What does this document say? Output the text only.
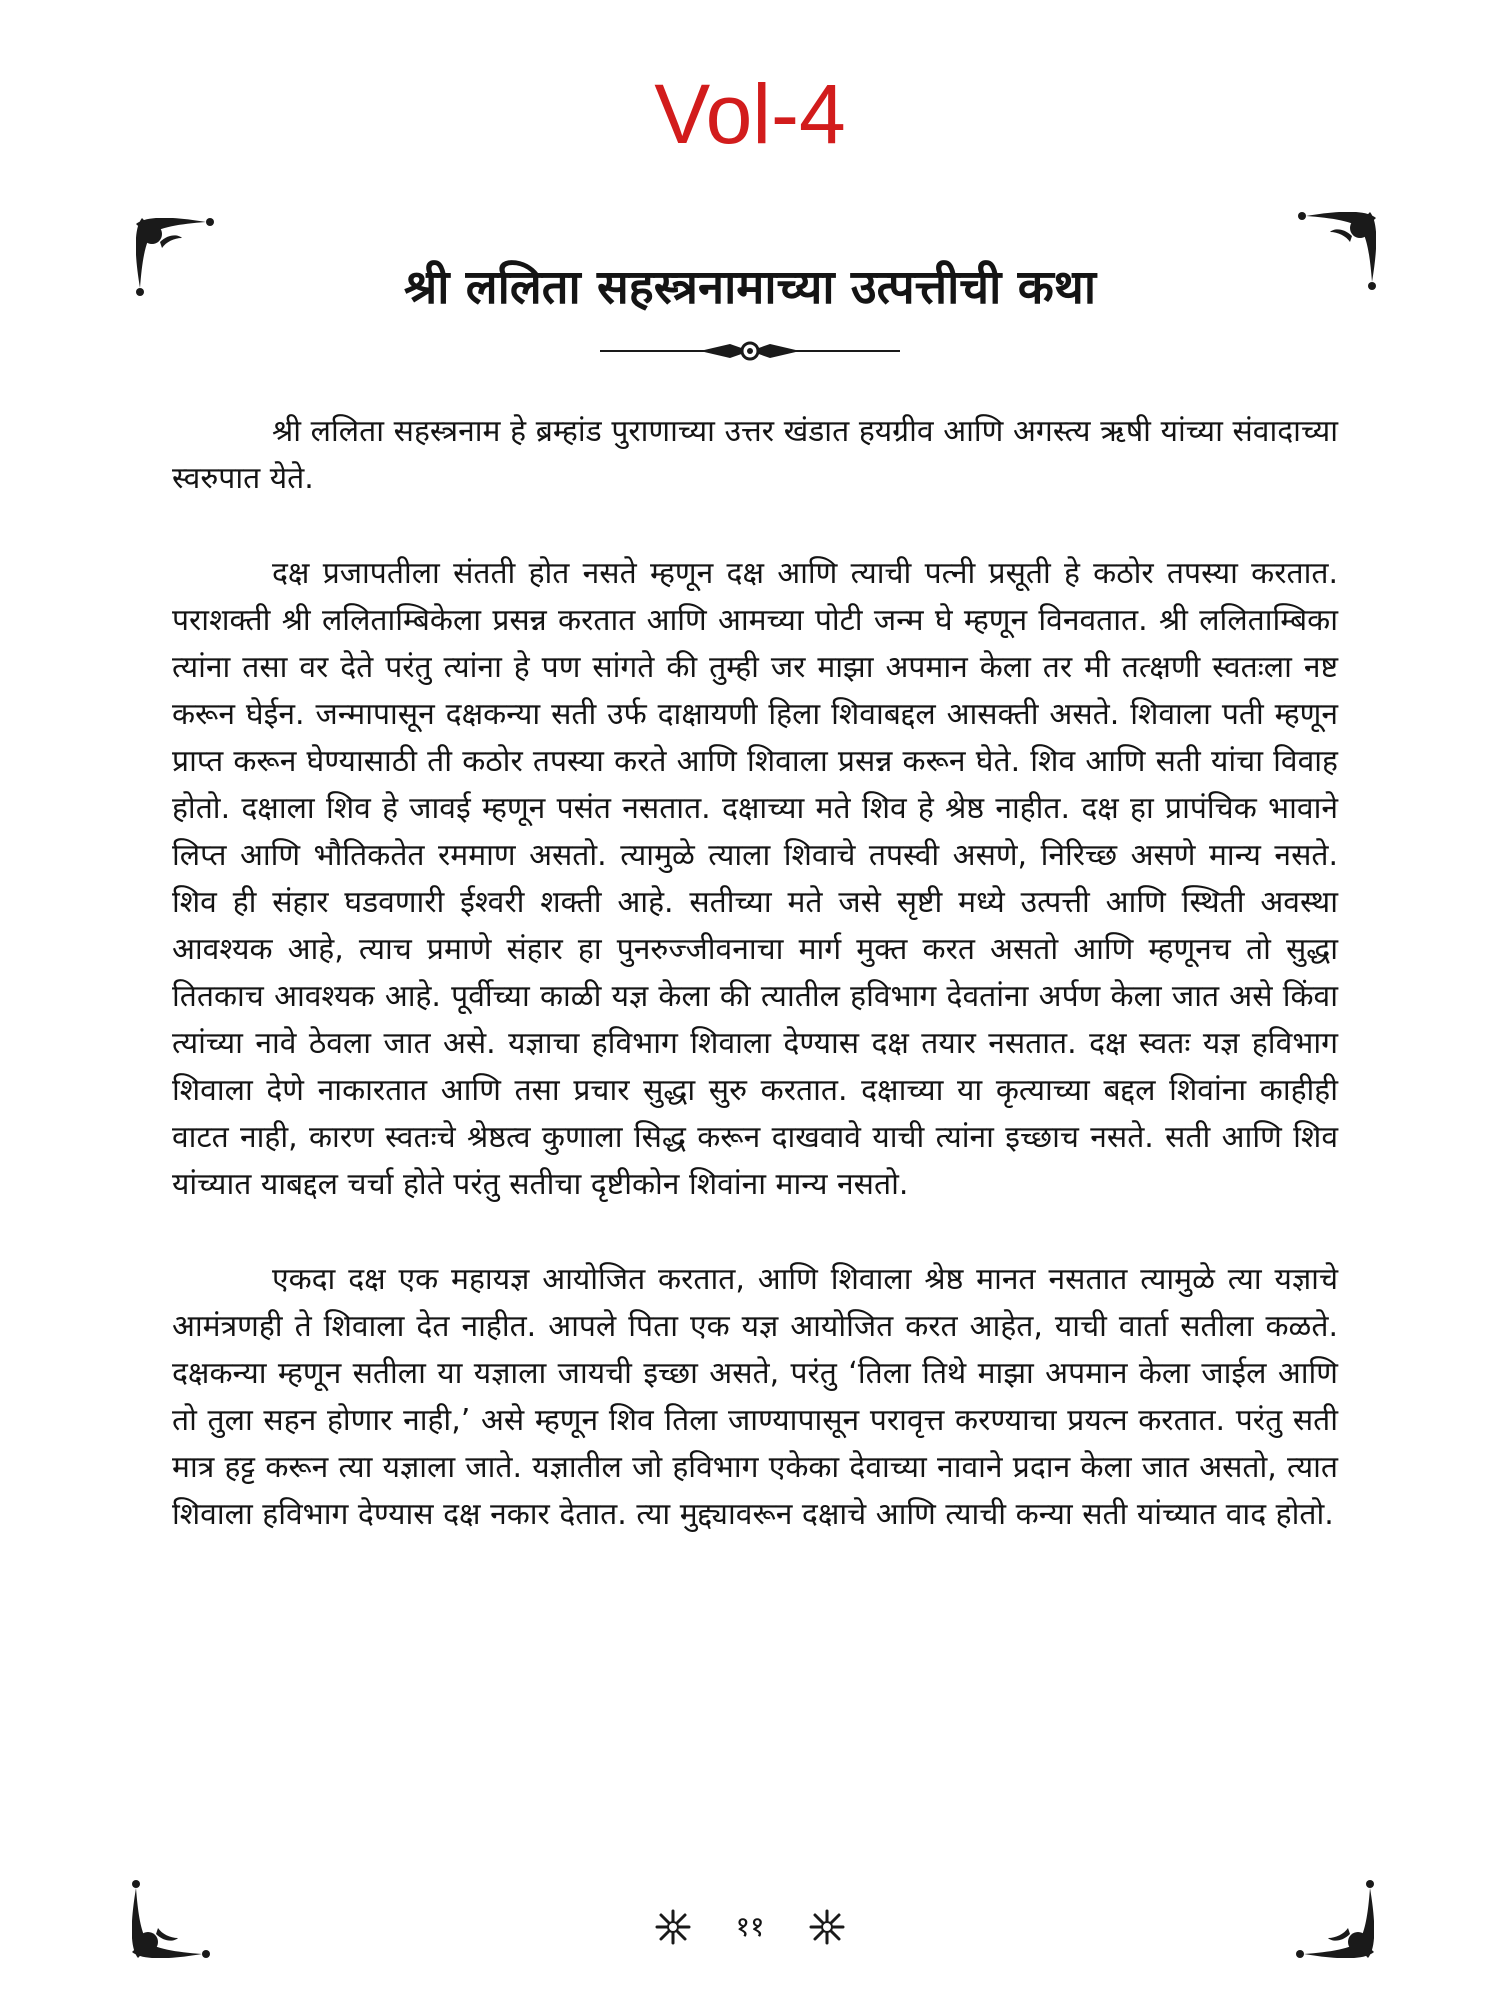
Vol-4
श्री ललिता सहस्त्रनामाच्या उत्पत्तीची कथा

श्री ललिता सहस्त्रनाम हे ब्रम्हांड पुराणाच्या उत्तर खंडात हयग्रीव आणि अगस्त्य ऋषी यांच्या संवादाच्या स्वरुपात येते.

दक्ष प्रजापतीला संतती होत नसते म्हणून दक्ष आणि त्याची पत्नी प्रसूती हे कठोर तपस्या करतात. पराशक्ती श्री ललिताम्बिकेला प्रसन्न करतात आणि आमच्या पोटी जन्म घे म्हणून विनवतात. श्री ललिताम्बिका त्यांना तसा वर देते परंतु त्यांना हे पण सांगते की तुम्ही जर माझा अपमान केला तर मी तत्क्षणी स्वतःला नष्ट करून घेईन. जन्मापासून दक्षकन्या सती उर्फ दाक्षायणी हिला शिवाबद्दल आसक्ती असते. शिवाला पती म्हणून प्राप्त करून घेण्यासाठी ती कठोर तपस्या करते आणि शिवाला प्रसन्न करून घेते. शिव आणि सती यांचा विवाह होतो. दक्षाला शिव हे जावई म्हणून पसंत नसतात. दक्षाच्या मते शिव हे श्रेष्ठ नाहीत. दक्ष हा प्रापंचिक भावाने लिप्त आणि भौतिकतेत रममाण असतो. त्यामुळे त्याला शिवाचे तपस्वी असणे, निरिच्छ असणे मान्य नसते. शिव ही संहार घडवणारी ईश्वरी शक्ती आहे. सतीच्या मते जसे सृष्टी मध्ये उत्पत्ती आणि स्थिती अवस्था आवश्यक आहे, त्याच प्रमाणे संहार हा पुनरुज्जीवनाचा मार्ग मुक्त करत असतो आणि म्हणूनच तो सुद्धा तितकाच आवश्यक आहे. पूर्वीच्या काळी यज्ञ केला की त्यातील हविभाग देवतांना अर्पण केला जात असे किंवा त्यांच्या नावे ठेवला जात असे. यज्ञाचा हविभाग शिवाला देण्यास दक्ष तयार नसतात. दक्ष स्वतः यज्ञ हविभाग शिवाला देणे नाकारतात आणि तसा प्रचार सुद्धा सुरु करतात. दक्षाच्या या कृत्याच्या बद्दल शिवांना काहीही वाटत नाही, कारण स्वतःचे श्रेष्ठत्व कुणाला सिद्ध करून दाखवावे याची त्यांना इच्छाच नसते. सती आणि शिव यांच्यात याबद्दल चर्चा होते परंतु सतीचा दृष्टीकोन शिवांना मान्य नसतो.

एकदा दक्ष एक महायज्ञ आयोजित करतात, आणि शिवाला श्रेष्ठ मानत नसतात त्यामुळे त्या यज्ञाचे आमंत्रणही ते शिवाला देत नाहीत. आपले पिता एक यज्ञ आयोजित करत आहेत, याची वार्ता सतीला कळते. दक्षकन्या म्हणून सतीला या यज्ञाला जायची इच्छा असते, परंतु ‘तिला तिथे माझा अपमान केला जाईल आणि तो तुला सहन होणार नाही,’ असे म्हणून शिव तिला जाण्यापासून परावृत्त करण्याचा प्रयत्न करतात. परंतु सती मात्र हट्ट करून त्या यज्ञाला जाते. यज्ञातील जो हविभाग एकेका देवाच्या नावाने प्रदान केला जात असतो, त्यात शिवाला हविभाग देण्यास दक्ष नकार देतात. त्या मुद्द्यावरून दक्षाचे आणि त्याची कन्या सती यांच्यात वाद होतो.

११
